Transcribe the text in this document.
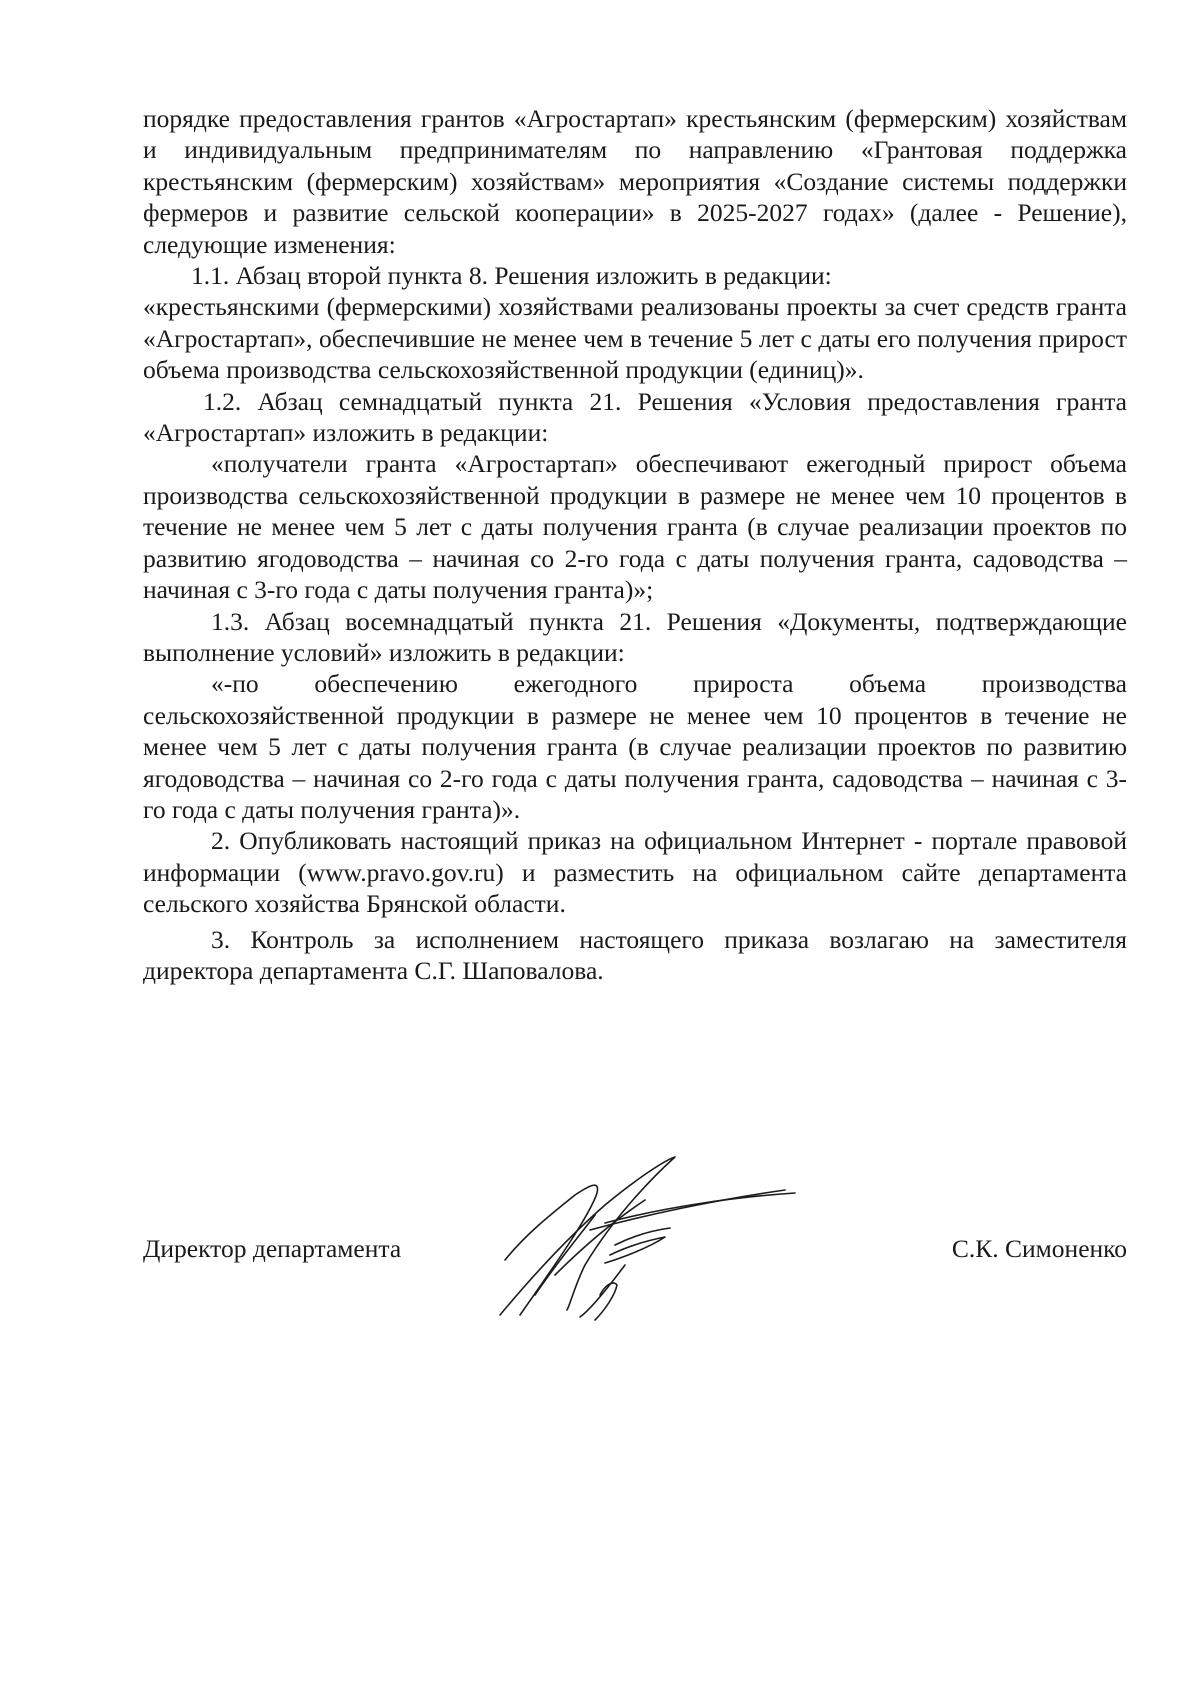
порядке предоставления грантов «Агростартап» крестьянским (фермерским) хозяйствам и индивидуальным предпринимателям по направлению «Грантовая поддержка крестьянским (фермерским) хозяйствам» мероприятия «Создание системы поддержки фермеров и развитие сельской кооперации» в 2025-2027 годах» (далее - Решение), следующие изменения:

1.1. Абзац второй пункта 8. Решения изложить в редакции:

«крестьянскими (фермерскими) хозяйствами реализованы проекты за счет средств гранта «Агростартап», обеспечившие не менее чем в течение 5 лет с даты его получения прирост объема производства сельскохозяйственной продукции (единиц)».

1.2. Абзац семнадцатый пункта 21. Решения «Условия предоставления гранта «Агростартап» изложить в редакции:

«получатели гранта «Агростартап» обеспечивают ежегодный прирост объема производства сельскохозяйственной продукции в размере не менее чем 10 процентов в течение не менее чем 5 лет с даты получения гранта (в случае реализации проектов по развитию ягодоводства – начиная со 2-го года с даты получения гранта, садоводства – начиная с 3-го года с даты получения гранта)»;

1.3. Абзац восемнадцатый пункта 21. Решения «Документы, подтверждающие выполнение условий» изложить в редакции:

«-по обеспечению ежегодного прироста объема производства сельскохозяйственной продукции в размере не менее чем 10 процентов в течение не менее чем 5 лет с даты получения гранта (в случае реализации проектов по развитию ягодоводства – начиная со 2-го года с даты получения гранта, садоводства – начиная с 3-го года с даты получения гранта)».

2. Опубликовать настоящий приказ на официальном Интернет - портале правовой информации (www.pravo.gov.ru) и разместить на официальном сайте департамента сельского хозяйства Брянской области.

3. Контроль за исполнением настоящего приказа возлагаю на заместителя директора департамента С.Г. Шаповалова.

Директор департамента	С.К. Симоненко
